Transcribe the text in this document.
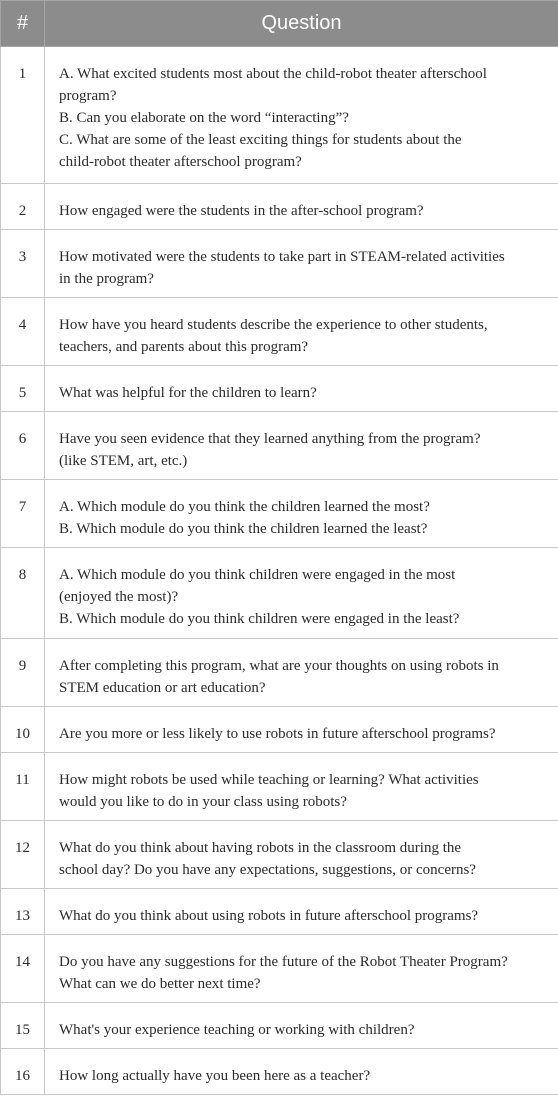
#	Question
1	A. What excited students most about the child-robot theater afterschool
program?
B. Can you elaborate on the word “interacting”?
C. What are some of the least exciting things for students about the
child-robot theater afterschool program?

2	How engaged were the students in the after-school program?

3	How motivated were the students to take part in STEAM-related activities
in the program?

4	How have you heard students describe the experience to other students,
teachers, and parents about this program?

5	What was helpful for the children to learn?

6	Have you seen evidence that they learned anything from the program?
(like STEM, art, etc.)

7	A. Which module do you think the children learned the most?
B. Which module do you think the children learned the least?

8	A. Which module do you think children were engaged in the most
(enjoyed the most)?
B. Which module do you think children were engaged in the least?

9	After completing this program, what are your thoughts on using robots in
STEM education or art education?

10	Are you more or less likely to use robots in future afterschool programs?

11	How might robots be used while teaching or learning? What activities
would you like to do in your class using robots?

12	What do you think about having robots in the classroom during the
school day? Do you have any expectations, suggestions, or concerns?

13	What do you think about using robots in future afterschool programs?

14	Do you have any suggestions for the future of the Robot Theater Program?
What can we do better next time?

15	What's your experience teaching or working with children?

16	How long actually have you been here as a teacher?
